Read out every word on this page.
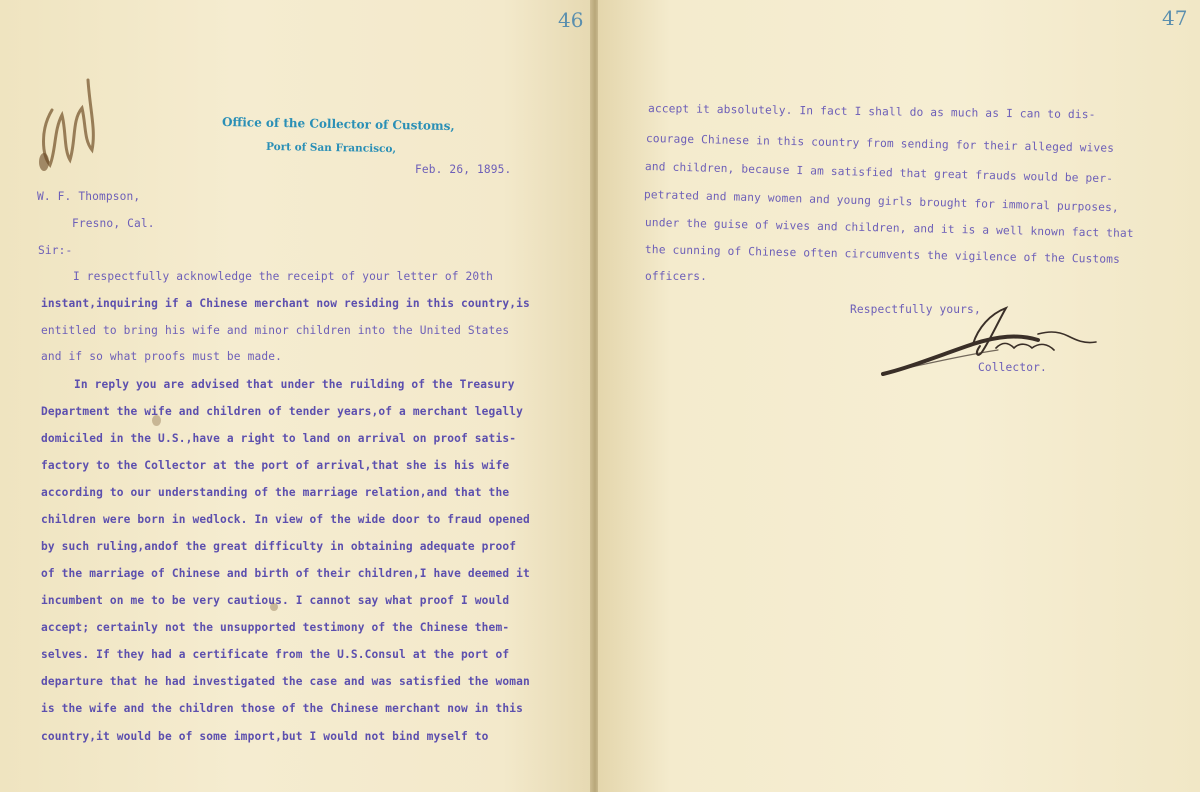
46
Office of the Collector of Customs,
Port of San Francisco,
Feb. 26, 1895.
W. F. Thompson,
Fresno, Cal.
Sir:-
I respectfully acknowledge the receipt of your letter of 20th
instant,inquiring if a Chinese merchant now residing in this country,is
entitled to bring his wife and minor children into the United States
and if so what proofs must be made.
In reply you are advised that under the ruilding of the Treasury
Department the wife and children of tender years,of a merchant legally
domiciled in the U.S.,have a right to land on arrival on proof satis-
factory to the Collector at the port of arrival,that she is his wife
according to our understanding of the marriage relation,and that the
children were born in wedlock. In view of the wide door to fraud opened
by such ruling,andof the great difficulty in obtaining adequate proof
of the marriage of Chinese and birth of their children,I have deemed it
incumbent on me to be very cautious. I cannot say what proof I would
accept; certainly not the unsupported testimony of the Chinese them-
selves. If they had a certificate from the U.S.Consul at the port of
departure that he had investigated the case and was satisfied the woman
is the wife and the children those of the Chinese merchant now in this
country,it would be of some import,but I would not bind myself to
47
accept it absolutely. In fact I shall do as much as I can to dis-
courage Chinese in this country from sending for their alleged wives
and children, because I am satisfied that great frauds would be per-
petrated and many women and young girls brought for immoral purposes,
under the guise of wives and children, and it is a well known fact that
the cunning of Chinese often circumvents the vigilence of the Customs
officers.
Respectfully yours,
Collector.
